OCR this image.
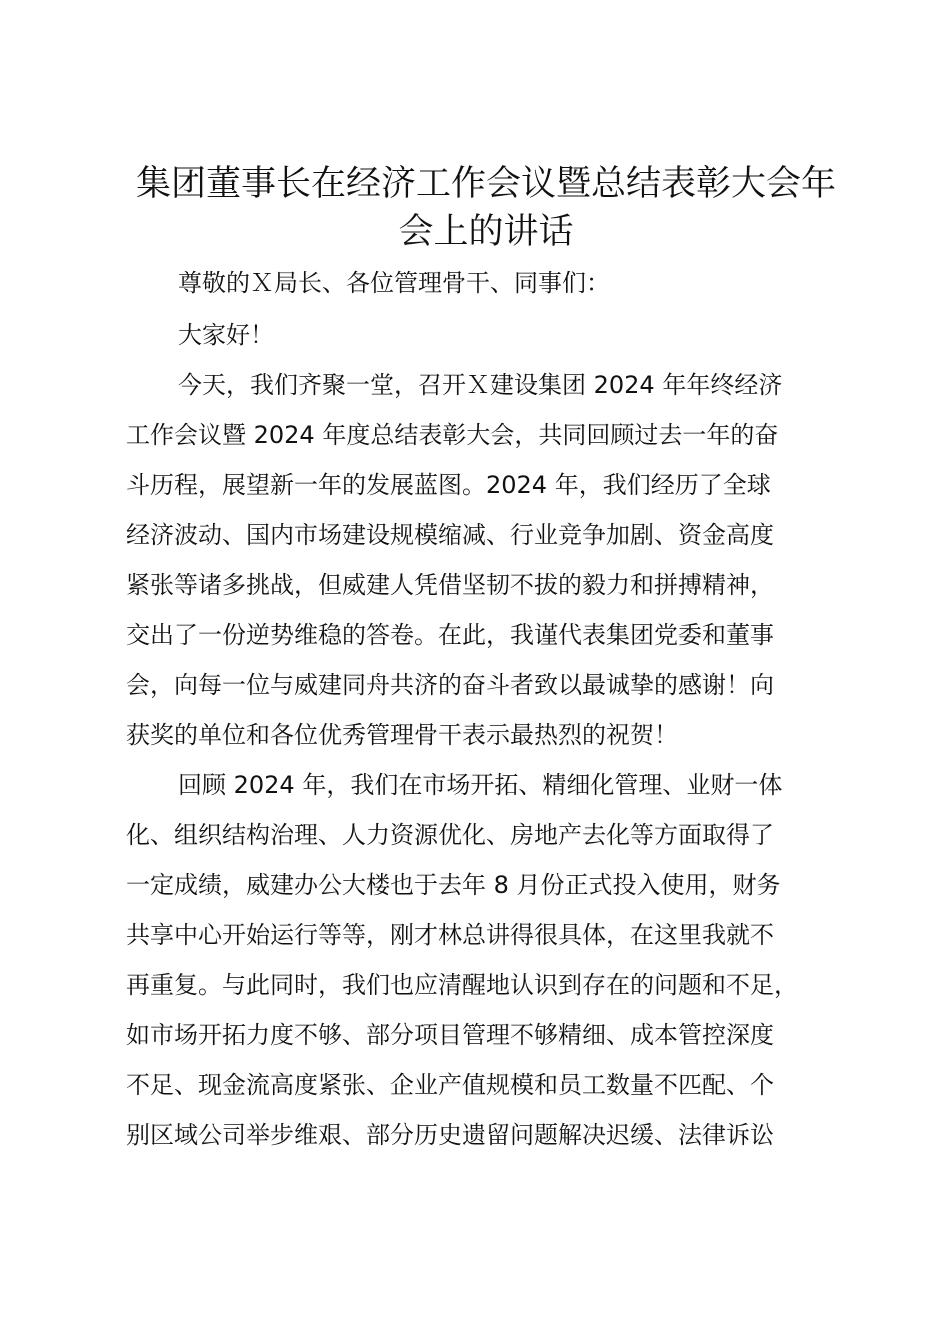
集团董事长在经济工作会议暨总结表彰大会年
会上的讲话

尊敬的Ｘ局长、各位管理骨干、同事们：

大家好！

今天，我们齐聚一堂，召开Ｘ建设集团 2024 年年终经济
工作会议暨 2024 年度总结表彰大会，共同回顾过去一年的奋
斗历程，展望新一年的发展蓝图。2024 年，我们经历了全球
经济波动、国内市场建设规模缩减、行业竞争加剧、资金高度
紧张等诸多挑战，但威建人凭借坚韧不拔的毅力和拼搏精神，
交出了一份逆势维稳的答卷。在此，我谨代表集团党委和董事
会，向每一位与威建同舟共济的奋斗者致以最诚挚的感谢！向
获奖的单位和各位优秀管理骨干表示最热烈的祝贺！
回顾 2024 年，我们在市场开拓、精细化管理、业财一体
化、组织结构治理、人力资源优化、房地产去化等方面取得了
一定成绩，威建办公大楼也于去年 8 月份正式投入使用，财务
共享中心开始运行等等，刚才林总讲得很具体，在这里我就不
再重复。与此同时，我们也应清醒地认识到存在的问题和不足，
如市场开拓力度不够、部分项目管理不够精细、成本管控深度
不足、现金流高度紧张、企业产值规模和员工数量不匹配、个
别区域公司举步维艰、部分历史遗留问题解决迟缓、法律诉讼
